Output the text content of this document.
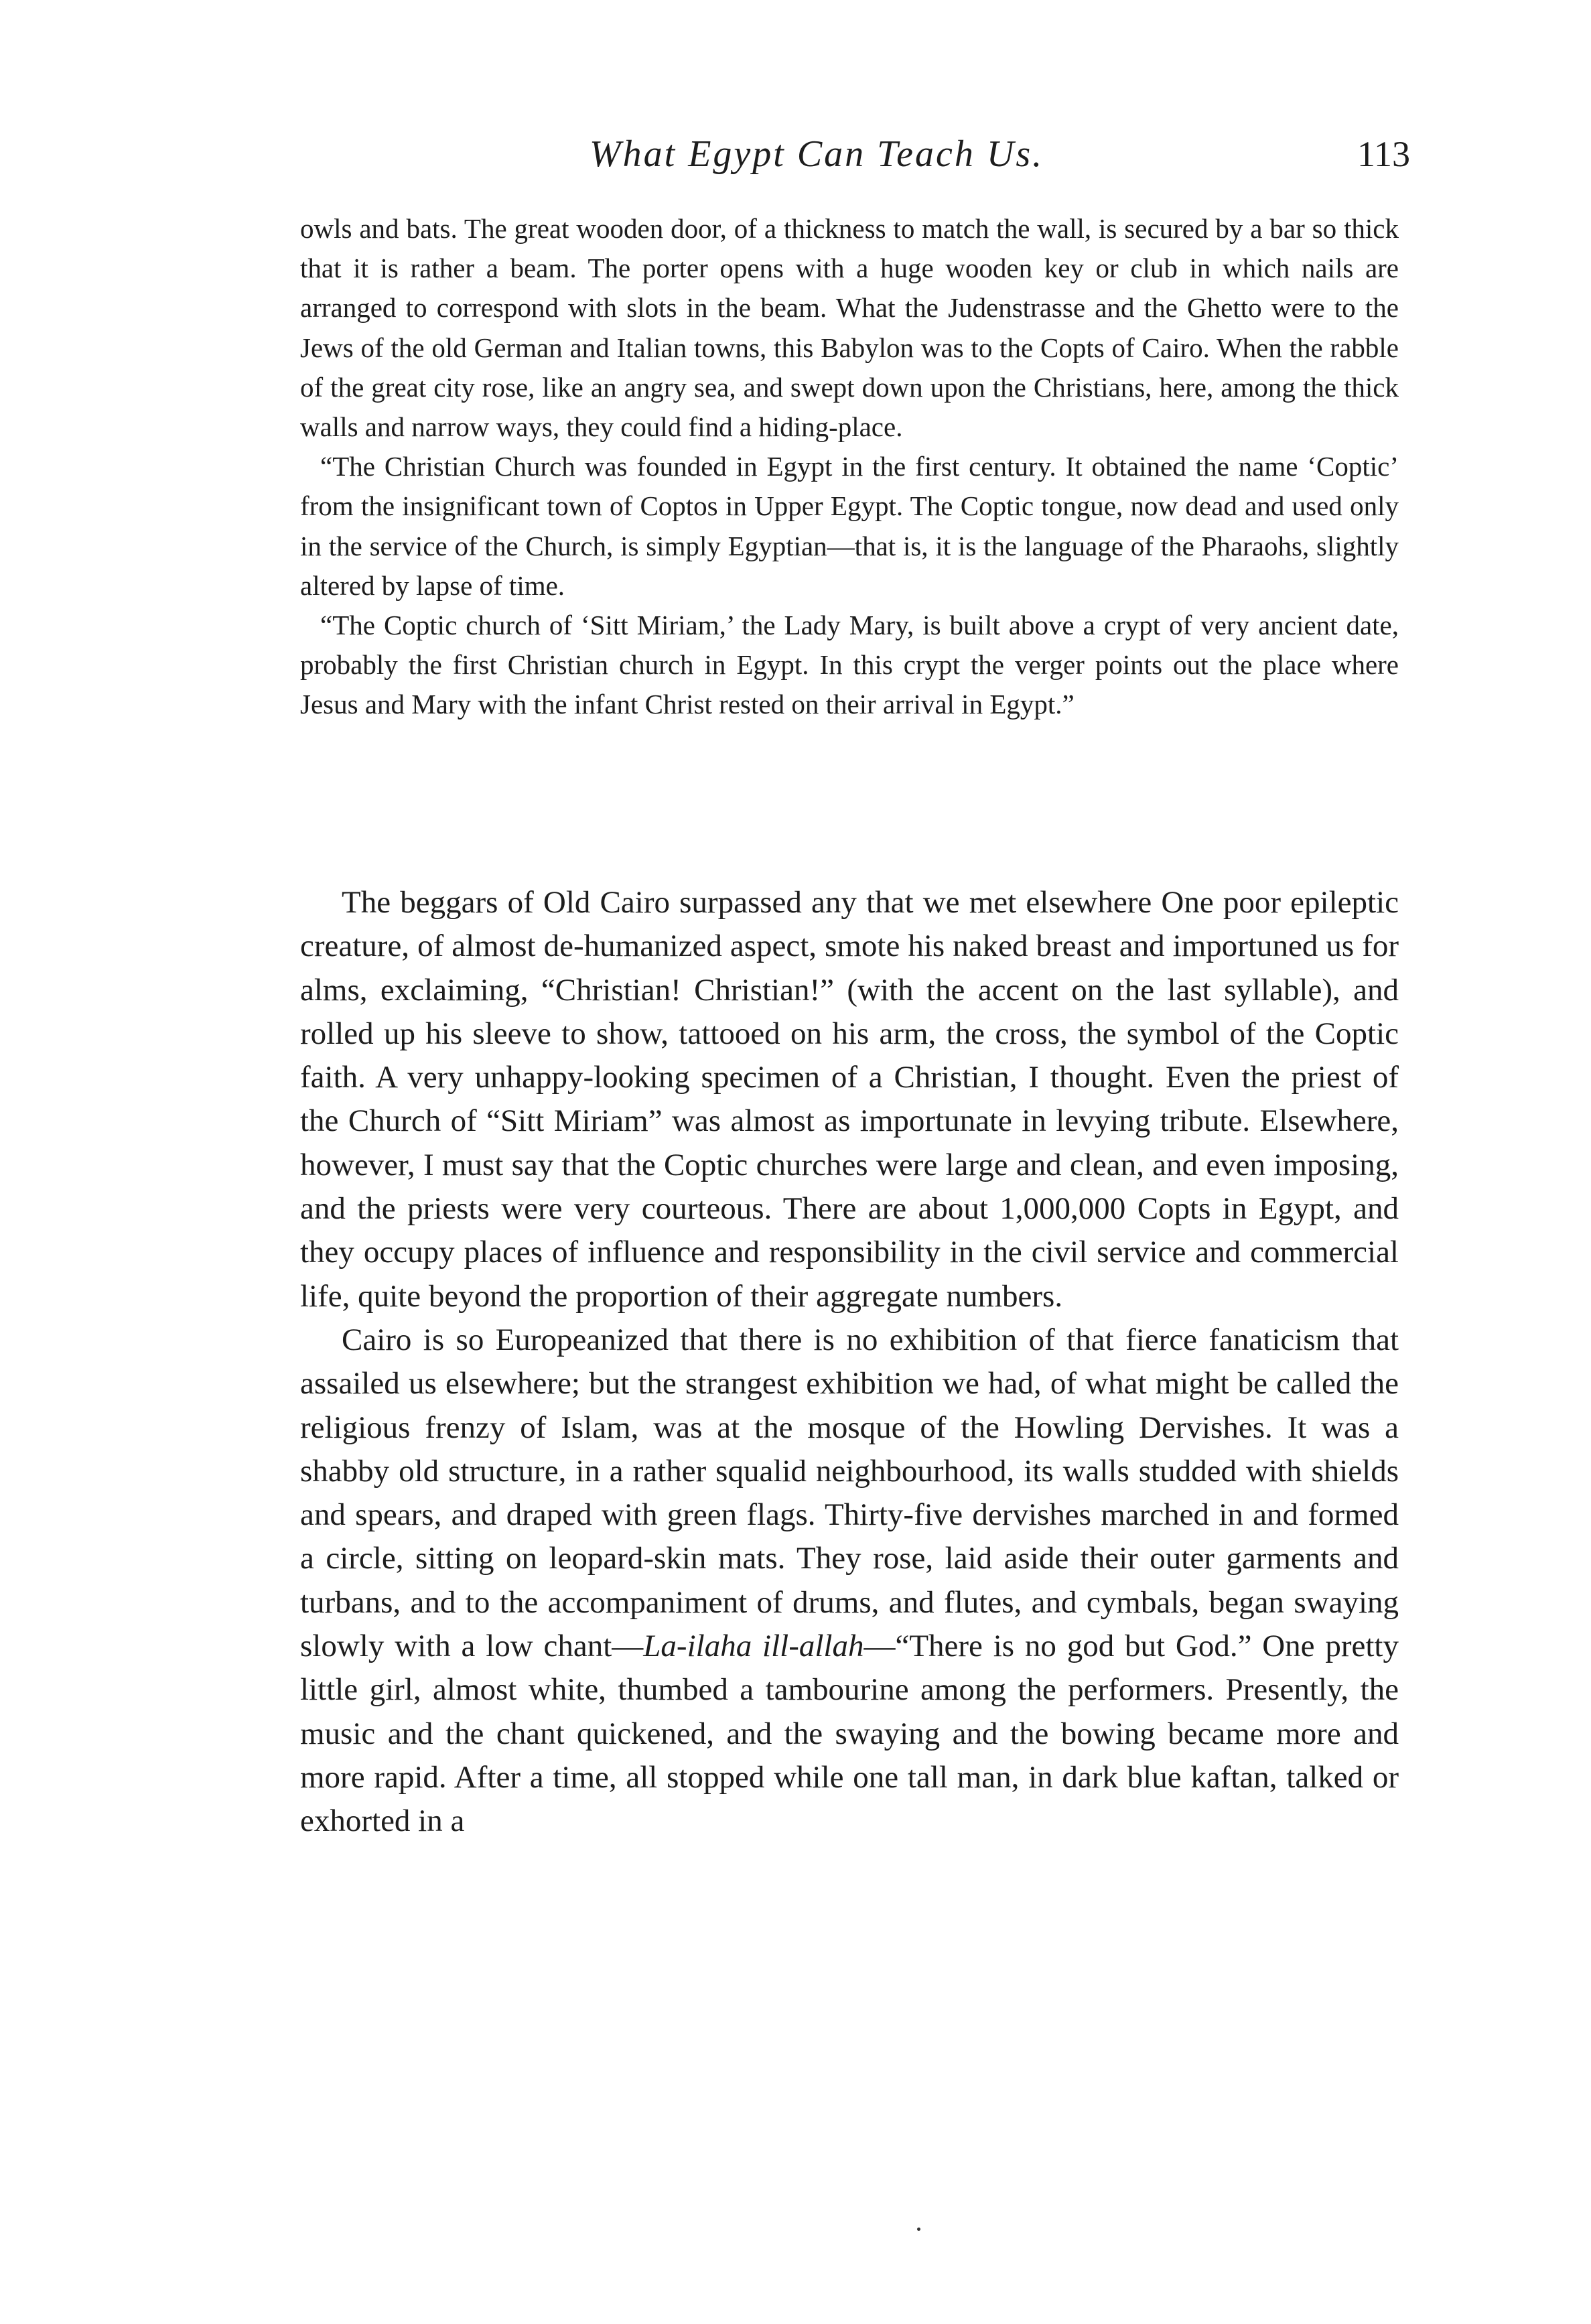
What Egypt Can Teach Us.	113

owls and bats. The great wooden door, of a thickness to match the wall, is secured by a bar so thick that it is rather a beam. The porter opens with a huge wooden key or club in which nails are arranged to correspond with slots in the beam. What the Judenstrasse and the Ghetto were to the Jews of the old German and Italian towns, this Babylon was to the Copts of Cairo. When the rabble of the great city rose, like an angry sea, and swept down upon the Christians, here, among the thick walls and narrow ways, they could find a hiding-place.

“The Christian Church was founded in Egypt in the first century. It obtained the name ‘Coptic’ from the insignificant town of Coptos in Upper Egypt. The Coptic tongue, now dead and used only in the service of the Church, is simply Egyptian—that is, it is the language of the Pharaohs, slightly altered by lapse of time.

“The Coptic church of ‘Sitt Miriam,’ the Lady Mary, is built above a crypt of very ancient date, probably the first Christian church in Egypt. In this crypt the verger points out the place where Jesus and Mary with the infant Christ rested on their arrival in Egypt.”

The beggars of Old Cairo surpassed any that we met elsewhere One poor epileptic creature, of almost de-humanized aspect, smote his naked breast and importuned us for alms, exclaiming, “Christian! Christian!” (with the accent on the last syllable), and rolled up his sleeve to show, tattooed on his arm, the cross, the symbol of the Coptic faith. A very unhappy-looking specimen of a Christian, I thought. Even the priest of the Church of “Sitt Miriam” was almost as importunate in levying tribute. Elsewhere, however, I must say that the Coptic churches were large and clean, and even imposing, and the priests were very courteous. There are about 1,000,000 Copts in Egypt, and they occupy places of influence and responsibility in the civil service and commercial life, quite beyond the proportion of their aggregate numbers.

Cairo is so Europeanized that there is no exhibition of that fierce fanaticism that assailed us elsewhere; but the strangest exhibition we had, of what might be called the religious frenzy of Islam, was at the mosque of the Howling Dervishes. It was a shabby old structure, in a rather squalid neighbourhood, its walls studded with shields and spears, and draped with green flags. Thirty-five dervishes marched in and formed a circle, sitting on leopard-skin mats. They rose, laid aside their outer garments and turbans, and to the accompaniment of drums, and flutes, and cymbals, began swaying slowly with a low chant—La-ilaha ill-allah—“There is no god but God.” One pretty little girl, almost white, thumbed a tambourine among the performers. Presently, the music and the chant quickened, and the swaying and the bowing became more and more rapid. After a time, all stopped while one tall man, in dark blue kaftan, talked or exhorted in a
